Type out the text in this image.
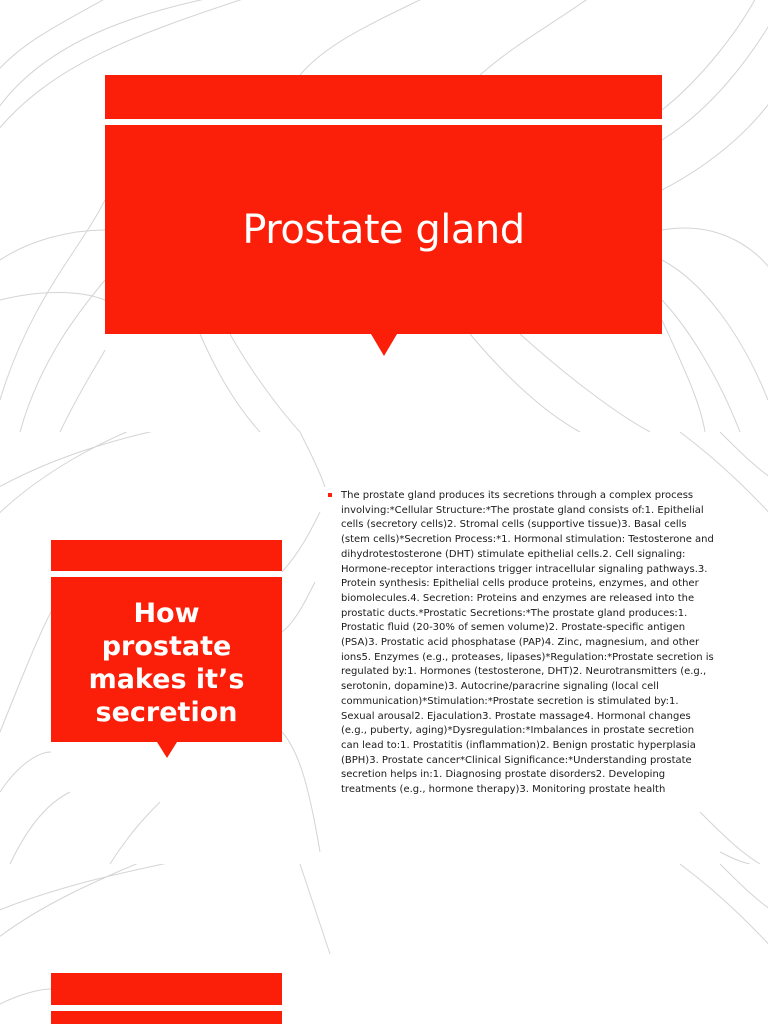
Prostate gland
How
prostate
makes it’s
secretion

The prostate gland produces its secretions through a complex process involving:*Cellular Structure:*The prostate gland consists of:1. Epithelial cells (secretory cells)2. Stromal cells (supportive tissue)3. Basal cells (stem cells)*Secretion Process:*1. Hormonal stimulation: Testosterone and dihydrotestosterone (DHT) stimulate epithelial cells.2. Cell signaling: Hormone-receptor interactions trigger intracellular signaling pathways.3. Protein synthesis: Epithelial cells produce proteins, enzymes, and other biomolecules.4. Secretion: Proteins and enzymes are released into the prostatic ducts.*Prostatic Secretions:*The prostate gland produces:1. Prostatic fluid (20-30% of semen volume)2. Prostate-specific antigen (PSA)3. Prostatic acid phosphatase (PAP)4. Zinc, magnesium, and other ions5. Enzymes (e.g., proteases, lipases)*Regulation:*Prostate secretion is regulated by:1. Hormones (testosterone, DHT)2. Neurotransmitters (e.g., serotonin, dopamine)3. Autocrine/paracrine signaling (local cell communication)*Stimulation:*Prostate secretion is stimulated by:1. Sexual arousal2. Ejaculation3. Prostate massage4. Hormonal changes (e.g., puberty, aging)*Dysregulation:*Imbalances in prostate secretion can lead to:1. Prostatitis (inflammation)2. Benign prostatic hyperplasia (BPH)3. Prostate cancer*Clinical Significance:*Understanding prostate secretion helps in:1. Diagnosing prostate disorders2. Developing treatments (e.g., hormone therapy)3. Monitoring prostate health
